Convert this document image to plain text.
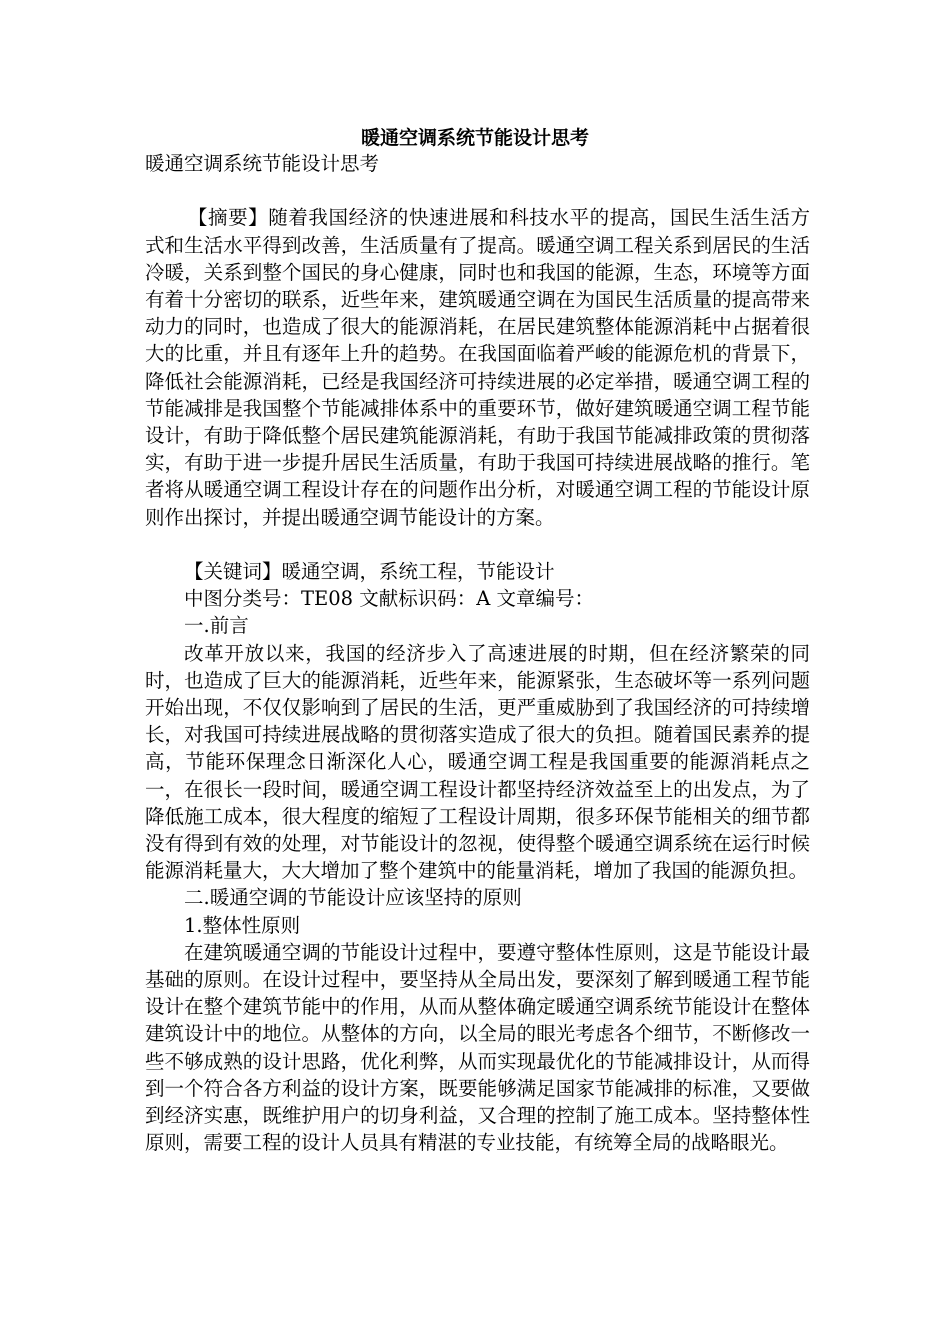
暖通空调系统节能设计思考

暖通空调系统节能设计思考

【摘要】随着我国经济的快速进展和科技水平的提高，国民生活生活方式和生活水平得到改善，生活质量有了提高。暖通空调工程关系到居民的生活冷暖，关系到整个国民的身心健康，同时也和我国的能源，生态，环境等方面有着十分密切的联系，近些年来，建筑暖通空调在为国民生活质量的提高带来动力的同时，也造成了很大的能源消耗，在居民建筑整体能源消耗中占据着很大的比重，并且有逐年上升的趋势。在我国面临着严峻的能源危机的背景下，降低社会能源消耗，已经是我国经济可持续进展的必定举措，暖通空调工程的节能减排是我国整个节能减排体系中的重要环节，做好建筑暖通空调工程节能设计，有助于降低整个居民建筑能源消耗，有助于我国节能减排政策的贯彻落实，有助于进一步提升居民生活质量，有助于我国可持续进展战略的推行。笔者将从暖通空调工程设计存在的问题作出分析，对暖通空调工程的节能设计原则作出探讨，并提出暖通空调节能设计的方案。

【关键词】暖通空调，系统工程，节能设计

中图分类号：TE08 文献标识码：A 文章编号：

一.前言

改革开放以来，我国的经济步入了高速进展的时期，但在经济繁荣的同时，也造成了巨大的能源消耗，近些年来，能源紧张，生态破坏等一系列问题开始出现，不仅仅影响到了居民的生活，更严重威胁到了我国经济的可持续增长，对我国可持续进展战略的贯彻落实造成了很大的负担。随着国民素养的提高，节能环保理念日渐深化人心，暖通空调工程是我国重要的能源消耗点之一，在很长一段时间，暖通空调工程设计都坚持经济效益至上的出发点，为了降低施工成本，很大程度的缩短了工程设计周期，很多环保节能相关的细节都没有得到有效的处理，对节能设计的忽视，使得整个暖通空调系统在运行时候能源消耗量大，大大增加了整个建筑中的能量消耗，增加了我国的能源负担。

二.暖通空调的节能设计应该坚持的原则

1.整体性原则

在建筑暖通空调的节能设计过程中，要遵守整体性原则，这是节能设计最基础的原则。在设计过程中，要坚持从全局出发，要深刻了解到暖通工程节能设计在整个建筑节能中的作用，从而从整体确定暖通空调系统节能设计在整体建筑设计中的地位。从整体的方向，以全局的眼光考虑各个细节，不断修改一些不够成熟的设计思路，优化利弊，从而实现最优化的节能减排设计，从而得到一个符合各方利益的设计方案，既要能够满足国家节能减排的标准，又要做到经济实惠，既维护用户的切身利益，又合理的控制了施工成本。坚持整体性原则，需要工程的设计人员具有精湛的专业技能，有统筹全局的战略眼光。
